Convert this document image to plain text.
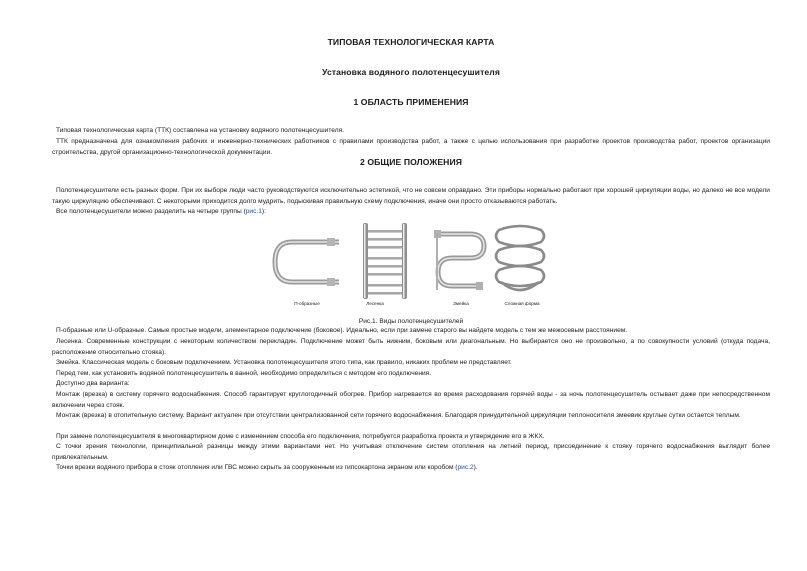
ТИПОВАЯ ТЕХНОЛОГИЧЕСКАЯ КАРТА
Установка водяного полотенцесушителя
1 ОБЛАСТЬ ПРИМЕНЕНИЯ
Типовая технологическая карта (ТТК) составлена на установку водяного полотенцесушителя.
ТТК предназначена для ознакомления рабочих и инженерно-технических работников с правилами производства работ, а также с целью использования при разработке проектов производства работ, проектов организации строительства, другой организационно-технологической документации.
2 ОБЩИЕ ПОЛОЖЕНИЯ
Полотенцесушители есть разных форм. При их выборе люди часто руководствуются исключительно эстетикой, что не совсем оправдано. Эти приборы нормально работают при хорошей циркуляции воды, но далеко не все модели такую циркуляцию обеспечивают. С некоторыми приходится долго мудрить, подыскивая правильную схему подключения, иначе они просто отказываются работать.
Все полотенцесушители можно разделить на четыре группы (рис.1):
П-образные	Лесенка	Змейка	Сложная форма
Рис.1. Виды полотенцесушителей
П-образные или U-образные. Самые простые модели, элементарное подключение (боковое). Идеально, если при замене старого вы найдете модель с тем же межосевым расстоянием.
Лесенка. Современные конструкции с некоторым количеством перекладин. Подключение может быть нижним, боковым или диагональным. Но выбирается оно не произвольно, а по совокупности условий (откуда подача, расположение относительно стояка).
Змейка. Классическая модель с боковым подключением. Установка полотенцесушителя этого типа, как правило, никаких проблем не представляет.
Перед тем, как установить водяной полотенцесушитель в ванной, необходимо определиться с методом его подключения.
Доступно два варианта:
Монтаж (врезка) в систему горячего водоснабжения. Способ гарантирует круглогодичный обогрев. Прибор нагревается во время расходования горячей воды - за ночь полотенцесушитель остывает даже при непосредственном включении через стояк.
Монтаж (врезка) в отопительную систему. Вариант актуален при отсутствии централизованной сети горячего водоснабжения. Благодаря принудительной циркуляции теплоносителя змеевик круглые сутки остается теплым.
При замене полотенцесушителя в многоквартирном доме с изменением способа его подключения, потребуется разработка проекта и утверждение его в ЖКХ.
С точки зрения технологии, принципиальной разницы между этими вариантами нет. Но учитывая отключение систем отопления на летний период, присоединение к стояку горячего водоснабжения выглядит более привлекательным.
Точки врезки водяного прибора в стояк отопления или ГВС можно скрыть за сооруженным из гипсокартона экраном или коробом (рис.2).
